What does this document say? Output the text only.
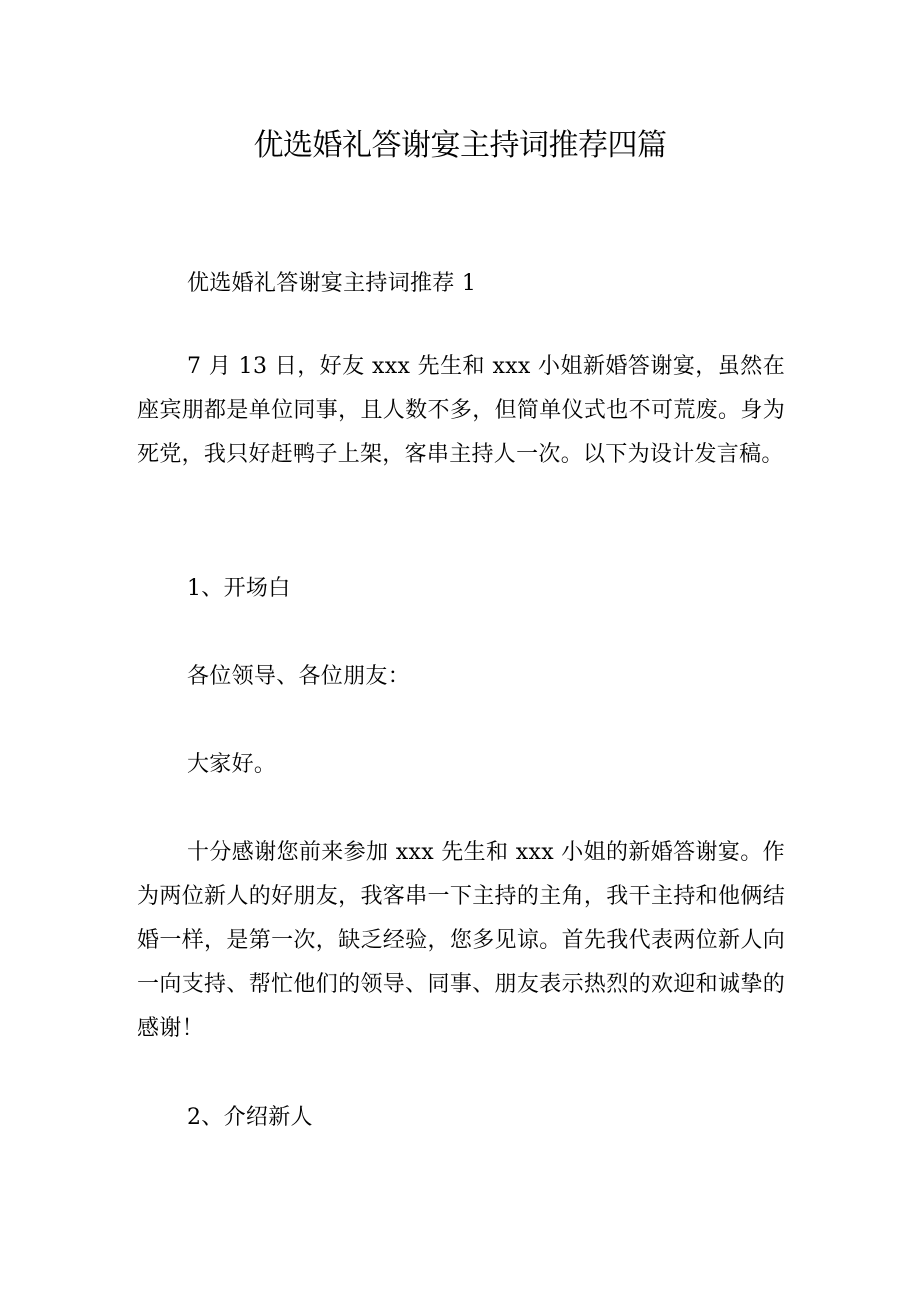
优选婚礼答谢宴主持词推荐四篇
优选婚礼答谢宴主持词推荐 1
7 月 13 日，好友 xxx 先生和 xxx 小姐新婚答谢宴，虽然在座宾朋都是单位同事，且人数不多，但简单仪式也不可荒废。身为死党，我只好赶鸭子上架，客串主持人一次。以下为设计发言稿。
1、开场白
各位领导、各位朋友：
大家好。
十分感谢您前来参加 xxx 先生和 xxx 小姐的新婚答谢宴。作为两位新人的好朋友，我客串一下主持的主角，我干主持和他俩结婚一样，是第一次，缺乏经验，您多见谅。首先我代表两位新人向一向支持、帮忙他们的领导、同事、朋友表示热烈的欢迎和诚挚的感谢！
2、介绍新人
